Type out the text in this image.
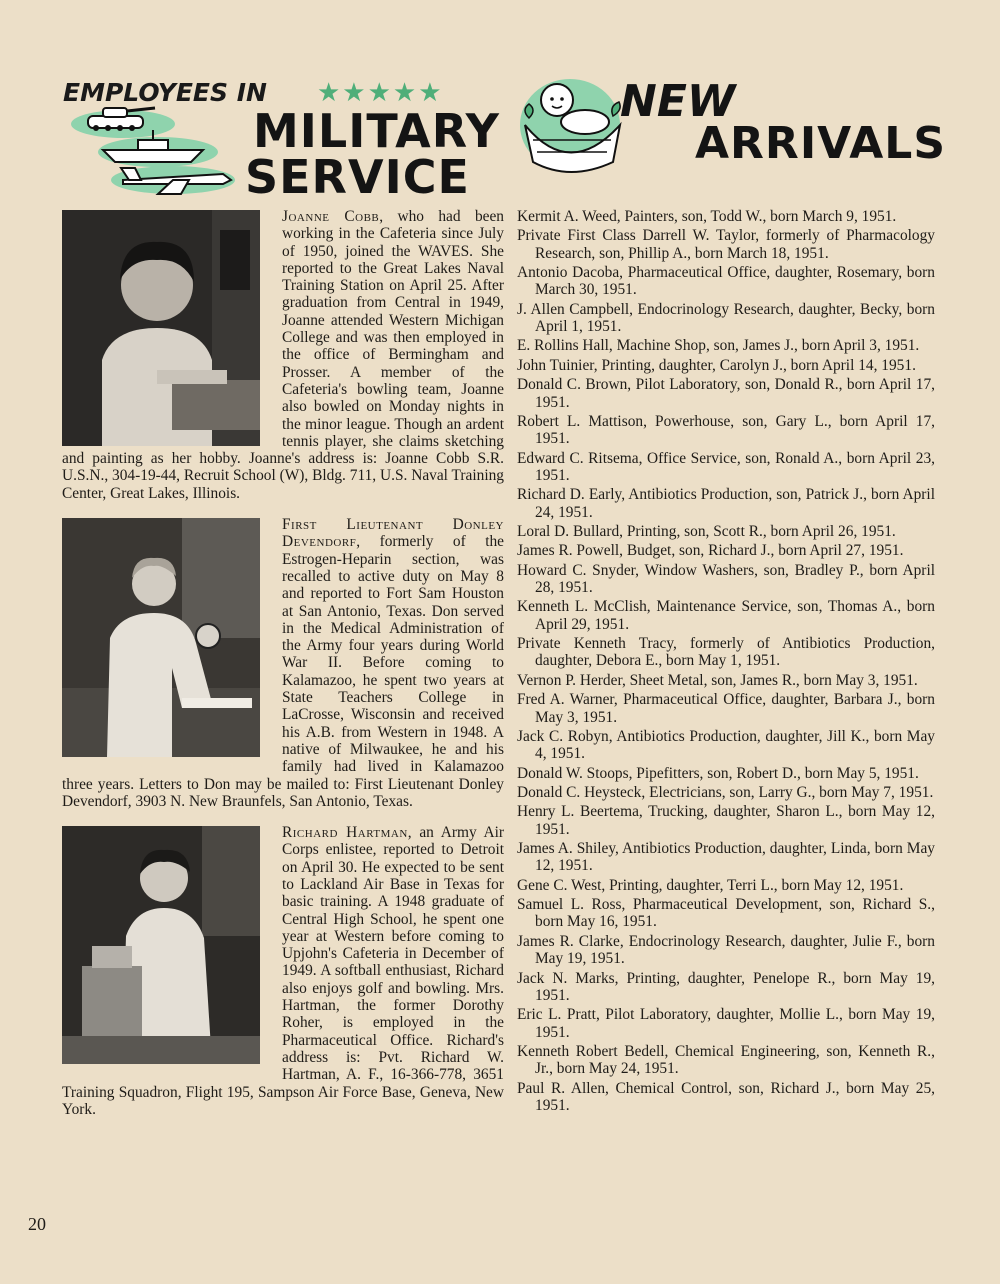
EMPLOYEES IN ★★★★★
MILITARY
SERVICE
NEW
ARRIVALS

Joanne Cobb, who had been working in the Cafeteria since July of 1950, joined the WAVES. She reported to the Great Lakes Naval Training Station on April 25. After graduation from Central in 1949, Joanne attended Western Michigan College and was then employed in the office of Bermingham and Prosser. A member of the Cafeteria's bowling team, Joanne also bowled on Monday nights in the minor league. Though an ardent tennis player, she claims sketching and painting as her hobby. Joanne's address is: Joanne Cobb S.R. U.S.N., 304-19-44, Recruit School (W), Bldg. 711, U.S. Naval Training Center, Great Lakes, Illinois.

First Lieutenant Donley Devendorf, formerly of the Estrogen-Heparin section, was recalled to active duty on May 8 and reported to Fort Sam Houston at San Antonio, Texas. Don served in the Medical Administration of the Army four years during World War II. Before coming to Kalamazoo, he spent two years at State Teachers College in LaCrosse, Wisconsin and received his A.B. from Western in 1948. A native of Milwaukee, he and his family had lived in Kalamazoo three years. Letters to Don may be mailed to: First Lieutenant Donley Devendorf, 3903 N. New Braunfels, San Antonio, Texas.

Richard Hartman, an Army Air Corps enlistee, reported to Detroit on April 30. He expected to be sent to Lackland Air Base in Texas for basic training. A 1948 graduate of Central High School, he spent one year at Western before coming to Upjohn's Cafeteria in December of 1949. A softball enthusiast, Richard also enjoys golf and bowling. Mrs. Hartman, the former Dorothy Roher, is employed in the Pharmaceutical Office. Richard's address is: Pvt. Richard W. Hartman, A. F., 16-366-778, 3651 Training Squadron, Flight 195, Sampson Air Force Base, Geneva, New York.

Kermit A. Weed, Painters, son, Todd W., born March 9, 1951.
Private First Class Darrell W. Taylor, formerly of Pharmacology Research, son, Phillip A., born March 18, 1951.
Antonio Dacoba, Pharmaceutical Office, daughter, Rosemary, born March 30, 1951.
J. Allen Campbell, Endocrinology Research, daughter, Becky, born April 1, 1951.
E. Rollins Hall, Machine Shop, son, James J., born April 3, 1951.
John Tuinier, Printing, daughter, Carolyn J., born April 14, 1951.
Donald C. Brown, Pilot Laboratory, son, Donald R., born April 17, 1951.
Robert L. Mattison, Powerhouse, son, Gary L., born April 17, 1951.
Edward C. Ritsema, Office Service, son, Ronald A., born April 23, 1951.
Richard D. Early, Antibiotics Production, son, Patrick J., born April 24, 1951.
Loral D. Bullard, Printing, son, Scott R., born April 26, 1951.
James R. Powell, Budget, son, Richard J., born April 27, 1951.
Howard C. Snyder, Window Washers, son, Bradley P., born April 28, 1951.
Kenneth L. McClish, Maintenance Service, son, Thomas A., born April 29, 1951.
Private Kenneth Tracy, formerly of Antibiotics Production, daughter, Debora E., born May 1, 1951.
Vernon P. Herder, Sheet Metal, son, James R., born May 3, 1951.
Fred A. Warner, Pharmaceutical Office, daughter, Barbara J., born May 3, 1951.
Jack C. Robyn, Antibiotics Production, daughter, Jill K., born May 4, 1951.
Donald W. Stoops, Pipefitters, son, Robert D., born May 5, 1951.
Donald C. Heysteck, Electricians, son, Larry G., born May 7, 1951.
Henry L. Beertema, Trucking, daughter, Sharon L., born May 12, 1951.
James A. Shiley, Antibiotics Production, daughter, Linda, born May 12, 1951.
Gene C. West, Printing, daughter, Terri L., born May 12, 1951.
Samuel L. Ross, Pharmaceutical Development, son, Richard S., born May 16, 1951.
James R. Clarke, Endocrinology Research, daughter, Julie F., born May 19, 1951.
Jack N. Marks, Printing, daughter, Penelope R., born May 19, 1951.
Eric L. Pratt, Pilot Laboratory, daughter, Mollie L., born May 19, 1951.
Kenneth Robert Bedell, Chemical Engineering, son, Kenneth R., Jr., born May 24, 1951.
Paul R. Allen, Chemical Control, son, Richard J., born May 25, 1951.
20
